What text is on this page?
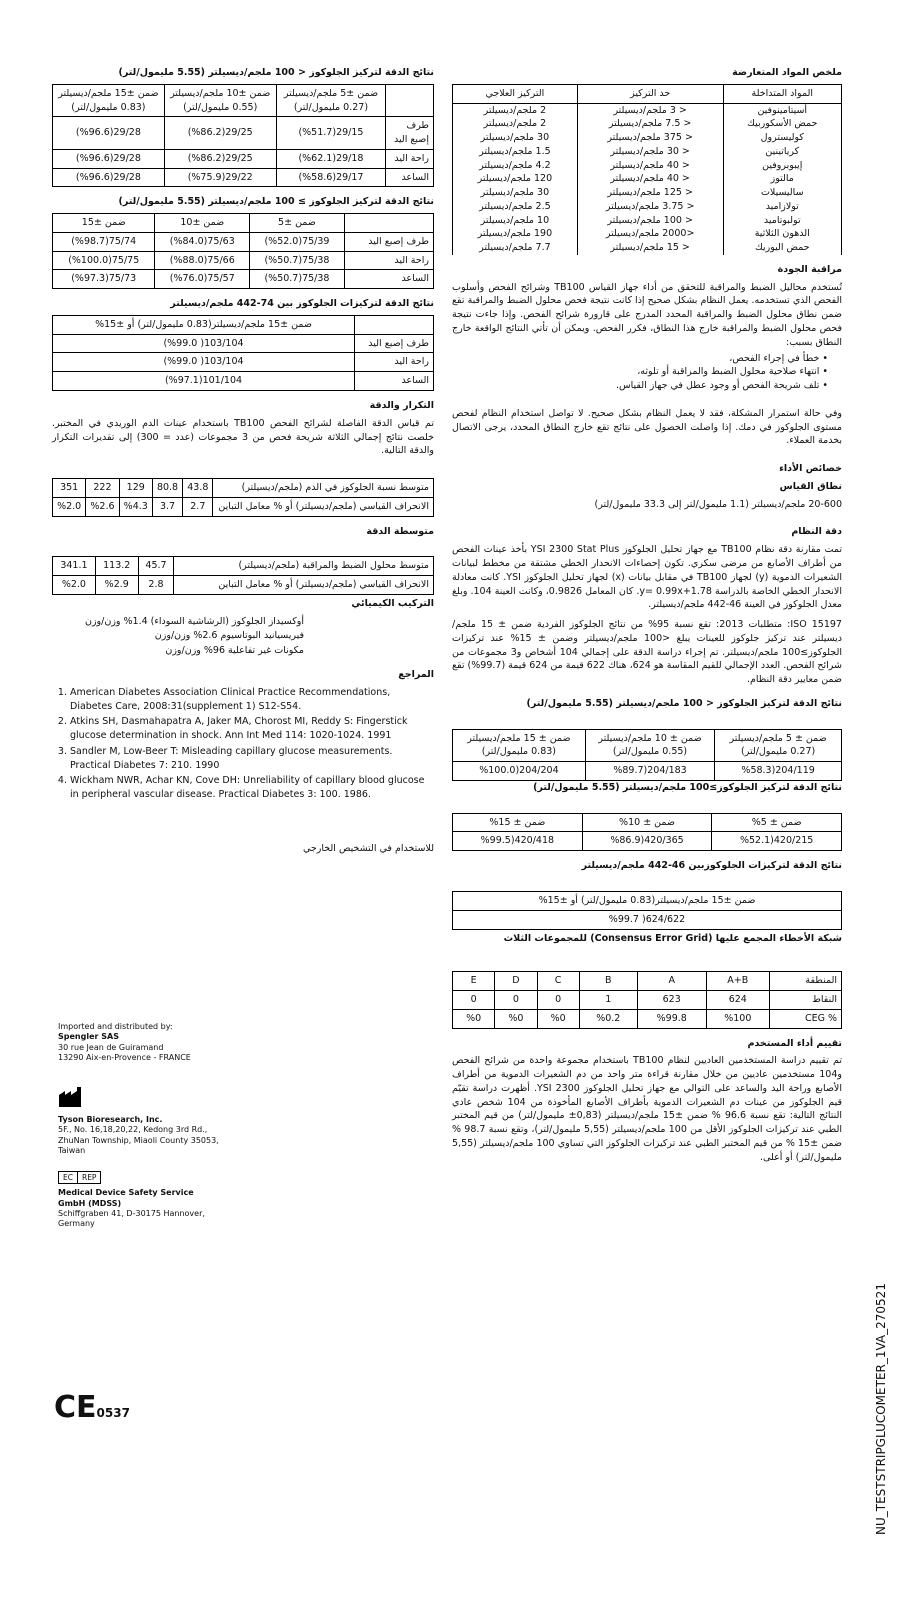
نتائج الدقة لتركيز الجلوكوز < 100 ملجم/ديسيلتر (5.55 مليمول/لتر)
	ضمن ±5 ملجم/ديسيلتر (0.27 مليمول/لتر)	ضمن ±10 ملجم/ديسيلتر (0.55 مليمول/لتر)	ضمن ±15 ملجم/ديسيلتر (0.83 مليمول/لتر)
طرف إصبع اليد	29/15(%51.7)	29/25(%86.2)	29/28(%96.6)
راحة اليد	29/18(%62.1)	29/25(%86.2)	29/28(%96.6)
الساعد	29/17(%58.6)	29/22(%75.9)	29/28(%96.6)
نتائج الدقة لتركيز الجلوكوز ≥ 100 ملجم/ديسيلتر (5.55 مليمول/لتر)
	ضمن ±5	ضمن ±10	ضمن ±15
طرف إصبع اليد	75/39(%52.0)	75/63(%84.0)	75/74(%98.7)
راحة اليد	75/38(%50.7)	75/66(%88.0)	75/75(%100.0)
الساعد	75/38(%50.7)	75/57(%76.0)	75/73(%97.3)
نتائج الدقة لتركيزات الجلوكوز بين 74-442 ملجم/ديسيلتر
	ضمن ±15 ملجم/ديسيلتر(0.83 مليمول/لتر) أو ±15%
طرف إصبع اليد	103/104( %99.0)
راحة اليد	103/104( %99.0)
الساعد	101/104(%97.1)
التكرار والدقة

تم قياس الدقة الفاصلة لشرائح الفحص TB100 باستخدام عينات الدم الوريدي في المختبر. خلصت نتائج إجمالي الثلاثة شريحة فحص من 3 مجموعات (عدد = 300) إلى تقديرات التكرار والدقة التالية.

متوسط نسبة الجلوكوز في الدم (ملجم/ديسيلتر)	43.8	80.8	129	222	351
الانحراف القياسي (ملجم/ديسيلتر) أو % معامل التباين	2.7	3.7	%4.3	%2.6	%2.0
متوسطة الدقة
متوسط محلول الضبط والمراقبة (ملجم/ديسيلتر)	45.7	113.2	341.1
الانحراف القياسي (ملجم/ديسيلتر) أو % معامل التباين	2.8	%2.9	%2.0
التركيب الكيميائي
أوكسيداز الجلوكوز (الرشاشية السوداء) 1.4% وزن/وزن
فيريسيانيد البوتاسيوم 2.6% وزن/وزن
مكونات غير تفاعلية 96% وزن/وزن
المراجع
1. American Diabetes Association Clinical Practice Recommendations, Diabetes Care, 2008:31(supplement 1) S12-S54.
2. Atkins SH, Dasmahapatra A, Jaker MA, Chorost MI, Reddy S: Fingerstick glucose determination in shock. Ann Int Med 114: 1020-1024. 1991
3. Sandler M, Low-Beer T: Misleading capillary glucose measurements. Practical Diabetes 7: 210. 1990
4. Wickham NWR, Achar KN, Cove DH: Unreliability of capillary blood glucose in peripheral vascular disease. Practical Diabetes 3: 100. 1986.
للاستخدام في التشخيص الخارجي
ملخص المواد المتعارضة
المواد المتداخلة	حد التركيز	التركيز العلاجي
أسيتامينوفين	< 3 ملجم/ديسيلتر	2 ملجم/ديسيلتر
حمض الأسكوربيك	< 7.5 ملجم/ديسيلتر	2 ملجم/ديسيلتر
كوليسترول	< 375 ملجم/ديسيلتر	30 ملجم/ديسيلتر
كرياتينين	< 30 ملجم/ديسيلتر	1.5 ملجم/ديسيلتر
إيبوبروفين	< 40 ملجم/ديسيلتر	4.2 ملجم/ديسيلتر
مالتوز	< 40 ملجم/ديسيلتر	120 ملجم/ديسيلتر
ساليسيلات	< 125 ملجم/ديسيلتر	30 ملجم/ديسيلتر
تولازاميد	< 3.75 ملجم/ديسيلتر	2.5 ملجم/ديسيلتر
تولبوتاميد	< 100 ملجم/ديسيلتر	10 ملجم/ديسيلتر
الدهون الثلاثية	<2000 ملجم/ديسيلتر	190 ملجم/ديسيلتر
حمض اليوريك	< 15 ملجم/ديسيلتر	7.7 ملجم/ديسيلتر
مراقبة الجودة

تُستخدم محاليل الضبط والمراقبة للتحقق من أداء جهاز القياس TB100 وشرائح الفحص وأسلوب الفحص الذي تستخدمه. يعمل النظام بشكل صحيح إذا كانت نتيجة فحص محلول الضبط والمراقبة تقع ضمن نطاق محلول الضبط والمراقبة المحدد المدرج على قارورة شرائح الفحص. وإذا جاءت نتيجة فحص محلول الضبط والمراقبة خارج هذا النطاق، فكرر الفحص. ويمكن أن تأتي النتائج الواقعة خارج النطاق بسبب:

• خطأ في إجراء الفحص،
• انتهاء صلاحية محلول الضبط والمراقبة أو تلوثه،
• تلف شريحة الفحص أو وجود عطل في جهاز القياس.

وفي حالة استمرار المشكلة، فقد لا يعمل النظام بشكل صحيح. لا تواصل استخدام النظام لفحص مستوى الجلوكوز في دمك. إذا واصلت الحصول على نتائج تقع خارج النطاق المحدد، يرجى الاتصال بخدمة العملاء.

خصائص الأداء
نطاق القياس

20-600 ملجم/ديسيلتر (1.1 مليمول/لتر إلى 33.3 مليمول/لتر)

دقة النظام

تمت مقارنة دقة نظام TB100 مع جهاز تحليل الجلوكوز YSI 2300 Stat Plus بأخذ عينات الفحص من أطراف الأصابع من مرضى سكري. تكون إحصاءات الانحدار الخطي مشتقة من مخطط لبيانات الشعيرات الدموية (y) لجهاز TB100 في مقابل بيانات (x) لجهاز تحليل الجلوكوز YSI. كانت معادلة الانحدار الخطي الخاصة بالدراسة y= 0.99x+1.78. كان المعامل 0.9826، وكانت العينة 104. وبلغ معدل الجلوكوز في العينة 46-442 ملجم/ديسيلتر.

ISO 15197: متطلبات 2013: تقع نسبة 95% من نتائج الجلوكوز الفردية ضمن ± 15 ملجم/ديسيلتر عند تركيز جلوكوز للعينات يبلغ <100 ملجم/ديسيلتر وضمن ± 15% عند تركيزات الجلوكوز≥100 ملجم/ديسيلتر. تم إجراء دراسة الدقة على إجمالي 104 أشخاص و3 مجموعات من شرائح الفحص. العدد الإجمالي للقيم المقاسة هو 624، هناك 622 قيمة من 624 قيمة (99.7%) تقع ضمن معايير دقة النظام.

نتائج الدقة لتركيز الجلوكوز < 100 ملجم/ديسيلتر (5.55 مليمول/لتر)
ضمن ± 5 ملجم/ديسيلتر (0.27 مليمول/لتر)	ضمن ± 10 ملجم/ديسيلتر (0.55 مليمول/لتر)	ضمن ± 15 ملجم/ديسيلتر (0.83 مليمول/لتر)
204/119(%58.3	204/183(%89.7	204/204(%100.0
نتائج الدقة لتركيز الجلوكوز≥100 ملجم/ديسيلتر (5.55 مليمول/لتر)
ضمن ± 5%	ضمن ± 10%	ضمن ± 15%
420/215(%52.1	420/365(%86.9	420/418(%99.5
نتائج الدقة لتركيزات الجلوكوزبين 46-442 ملجم/ديسيلتر
ضمن ±15 ملجم/ديسيلتر(0.83 مليمول/لتر) أو ±15%
624/622( %99.7
شبكة الأخطاء المجمع عليها (Consensus Error Grid) للمجموعات الثلاث
المنطقة	A+B	A	B	C	D	E
النقاط	624	623	1	0	0	0
% CEG	%100	%99.8	%0.2	%0	%0	%0
تقييم أداء المستخدم

تم تقييم دراسة المستخدمين العاديين لنظام TB100 باستخدام مجموعة واحدة من شرائح الفحص و104 مستخدمين عاديين من خلال مقارنة قراءة متر واحد من دم الشعيرات الدموية من أطراف الأصابع وراحة اليد والساعد على التوالي مع جهاز تحليل الجلوكوز YSI 2300. أظهرت دراسة تقيّم قيم الجلوكوز من عينات دم الشعيرات الدموية بأطراف الأصابع المأخوذة من 104 شخص عادي النتائج التالية: تقع نسبة 96.6 % ضمن ±15 ملجم/ديسيلتر (0,83± مليمول/لتر) من قيم المختبر الطبي عند تركيزات الجلوكوز الأقل من 100 ملجم/ديسيلتر (5,55 مليمول/لتر)، وتقع نسبة 98.7 % ضمن ±15 % من قيم المختبر الطبي عند تركيزات الجلوكوز التي تساوي 100 ملجم/ديسيلتر (5,55 مليمول/لتر) أو أعلى.

Imported and distributed by:
Spengler SAS
30 rue Jean de Guiramand
13290 Aix-en-Provence - FRANCE
Tyson Bioresearch, Inc.
5F., No. 16,18,20,22, Kedong 3rd Rd.,
ZhuNan Township, Miaoli County 35053,
Taiwan
EC	REP
Medical Device Safety Service
GmbH (MDSS)
Schiffgraben 41, D-30175 Hannover,
Germany
CE0537	NU_TESTSTRIPGLUCOMETER_1VA_270521
